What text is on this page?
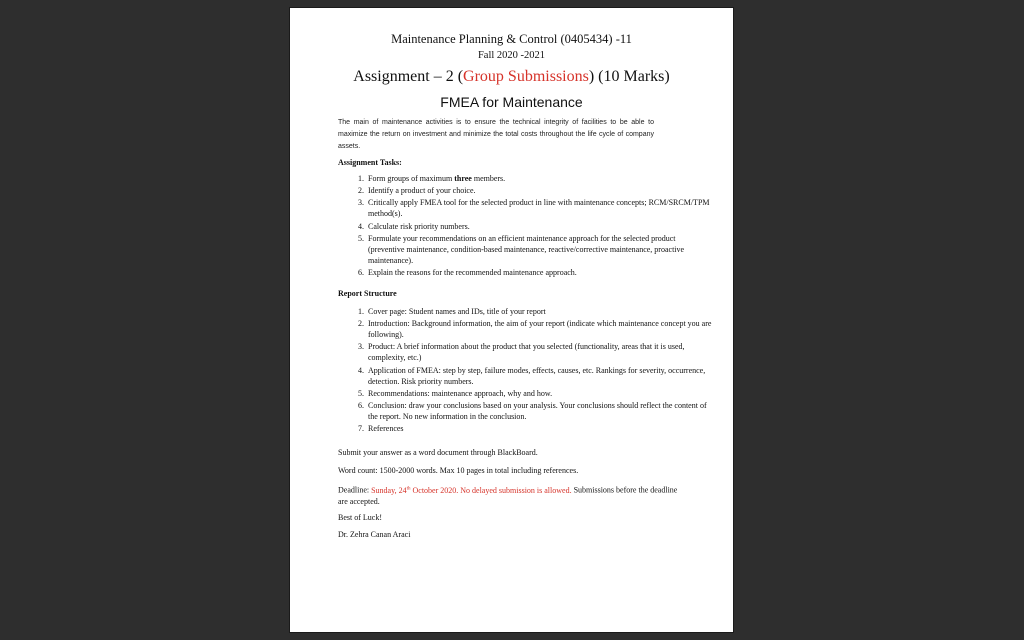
Maintenance Planning & Control (0405434) -11
Fall 2020 -2021
Assignment – 2 (Group Submissions) (10 Marks)
FMEA for Maintenance
The main of maintenance activities is to ensure the technical integrity of facilities to be able to maximize the return on investment and minimize the total costs throughout the life cycle of company assets.
Assignment Tasks:
1. Form groups of maximum three members.
2. Identify a product of your choice.
3. Critically apply FMEA tool for the selected product in line with maintenance concepts; RCM/SRCM/TPM method(s).
4. Calculate risk priority numbers.
5. Formulate your recommendations on an efficient maintenance approach for the selected product (preventive maintenance, condition-based maintenance, reactive/corrective maintenance, proactive maintenance).
6. Explain the reasons for the recommended maintenance approach.
Report Structure
1. Cover page: Student names and IDs, title of your report
2. Introduction: Background information, the aim of your report (indicate which maintenance concept you are following).
3. Product: A brief information about the product that you selected (functionality, areas that it is used, complexity, etc.)
4. Application of FMEA: step by step, failure modes, effects, causes, etc. Rankings for severity, occurrence, detection. Risk priority numbers.
5. Recommendations: maintenance approach, why and how.
6. Conclusion: draw your conclusions based on your analysis. Your conclusions should reflect the content of the report. No new information in the conclusion.
7. References
Submit your answer as a word document through BlackBoard.
Word count: 1500-2000 words. Max 10 pages in total including references.
Deadline: Sunday, 24th October 2020. No delayed submission is allowed. Submissions before the deadline are accepted.
Best of Luck!
Dr. Zehra Canan Araci
